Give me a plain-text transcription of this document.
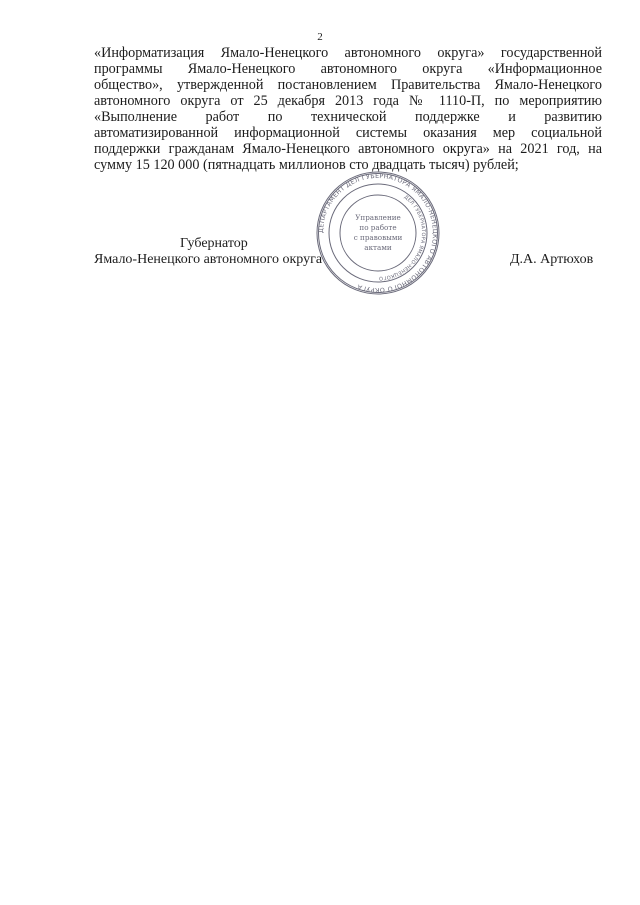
2
«Информатизация Ямало-Ненецкого автономного округа» государственной
программы Ямало-Ненецкого автономного округа «Информационное
общество», утвержденной постановлением Правительства Ямало-Ненецкого
автономного округа от 25 декабря 2013 года № 1110-П, по мероприятию
«Выполнение работ по технической поддержке и развитию
автоматизированной информационной системы оказания мер социальной
поддержки гражданам Ямало-Ненецкого автономного округа» на 2021 год, на
сумму 15 120 000 (пятнадцать миллионов сто двадцать тысяч) рублей;
ДЕПАРТАМЕНТ ДЕЛ ГУБЕРНАТОРА ЯМАЛО-НЕНЕЦКОГО АВТОНОМНОГО ОКРУГА
ДЕЛ ГУБЕРНАТОРА ЯМАЛО-НЕНЕЦКОГО
Управление
по работе
с правовыми
актами
Губернатор
Ямало-Ненецкого автономного округа	Д.А. Артюхов
